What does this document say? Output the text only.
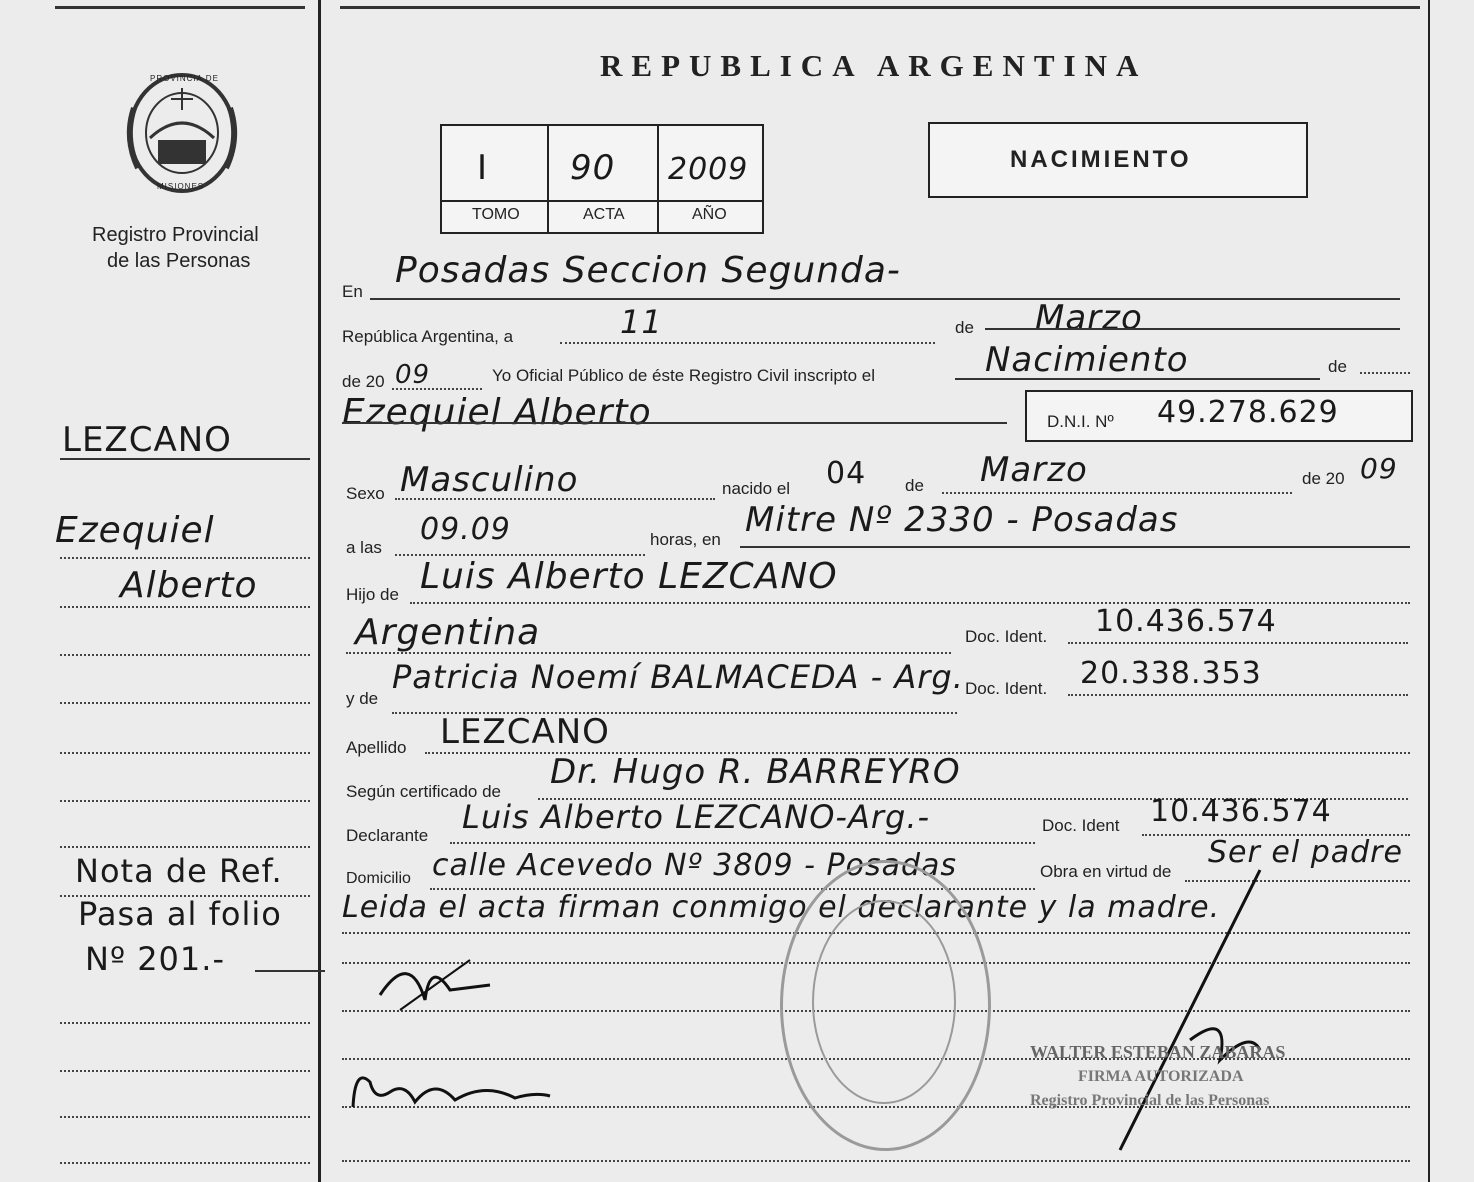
PROVINCIA DE
MISIONES
Registro Provincial
de las Personas
REPUBLICA ARGENTINA
I 90 2009
TOMO	ACTA	AÑO
NACIMIENTO
LEZCANO
Ezequiel
Alberto
Nota de Ref.
Pasa al folio
Nº 201.-
En
Posadas Seccion Segunda-
República Argentina, a	11	de Marzo
de 20 09	Yo Oficial Público de éste Registro Civil inscripto el	Nacimiento	de
Ezequiel Alberto	D.N.I. Nº 49.278.629
Sexo Masculino	nacido el 04 de Marzo	de 20 09
a las
09.09	horas, en Mitre Nº 2330 - Posadas
Hijo de Luis Alberto LEZCANO
Argentina	Doc. Ident. 10.436.574
y de
Patricia Noemí BALMACEDA - Arg. Doc. Ident. 20.338.353
Apellido LEZCANO
Según certificado de Dr. Hugo R. BARREYRO
Declarante Luis Alberto LEZCANO-Arg.-	Doc. Ident 10.436.574
Domicilio calle Acevedo Nº 3809 - Posadas	Obra en virtud de
Ser el padre
Leida el acta firman conmigo el declarante y la madre.
WALTER ESTEBAN ZABARAS
FIRMA AUTORIZADA
Registro Provincial de las Personas
